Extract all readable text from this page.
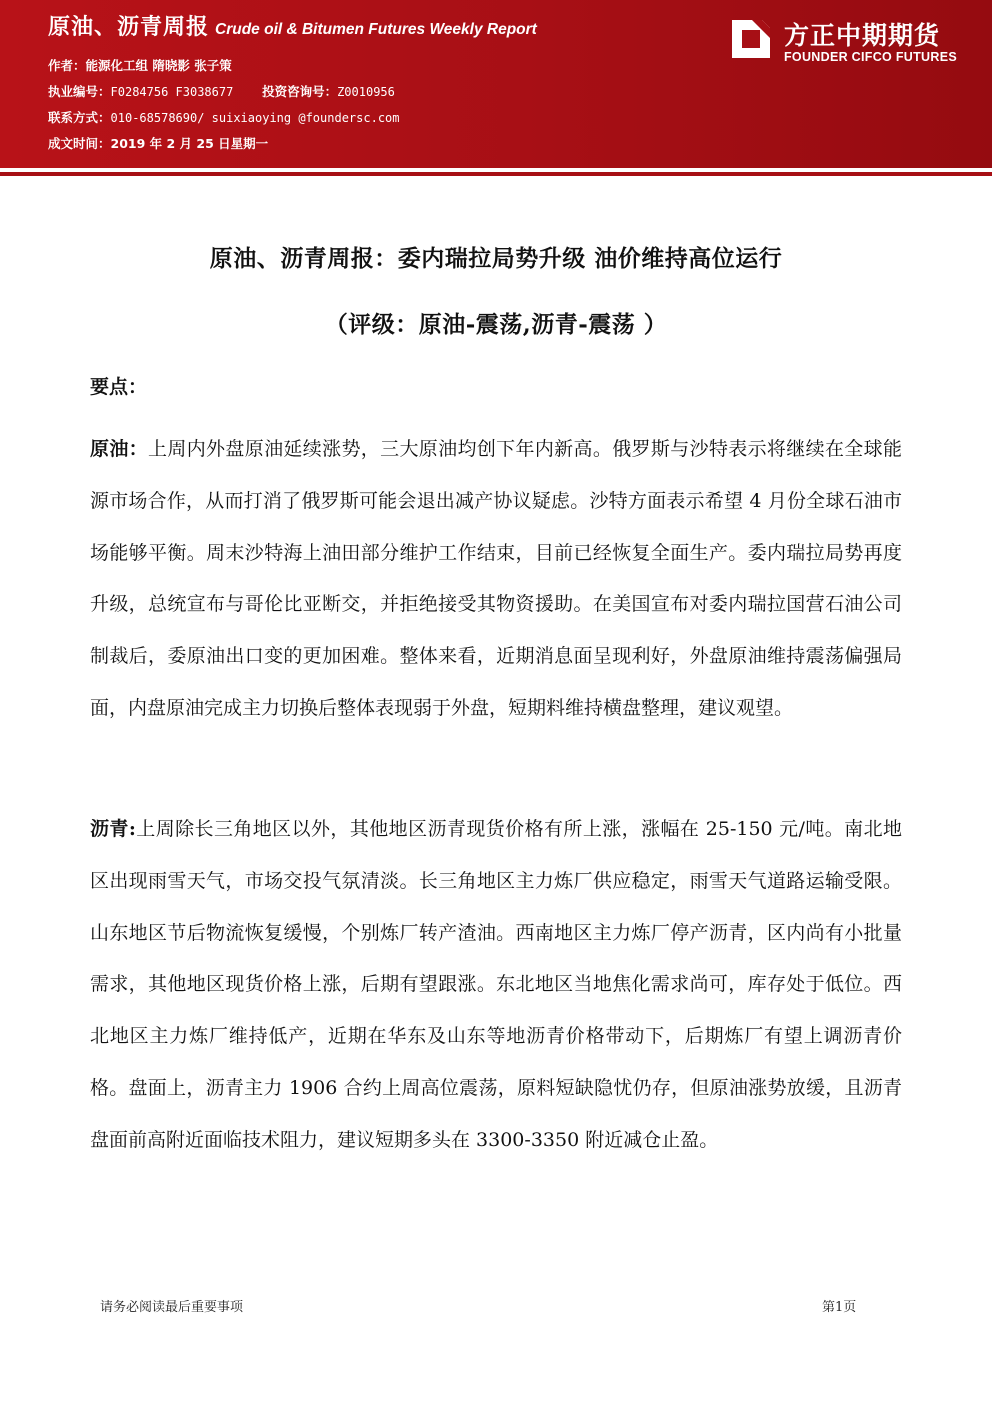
原油、沥青周报 Crude oil & Bitumen Futures Weekly Report
作者：能源化工组 隋晓影 张子策
执业编号：F0284756 F3038677 投资咨询号：Z0010956
联系方式：010-68578690/ suixiaoying @foundersc.com
成文时间：2019 年 2 月 25 日星期一
方正中期期货
FOUNDER CIFCO FUTURES
原油、沥青周报：委内瑞拉局势升级 油价维持高位运行
（评级：原油-震荡,沥青-震荡 ）
要点：
原油：上周内外盘原油延续涨势，三大原油均创下年内新高。俄罗斯与沙特表示将继续在全球能源市场合作，从而打消了俄罗斯可能会退出减产协议疑虑。沙特方面表示希望 4 月份全球石油市场能够平衡。周末沙特海上油田部分维护工作结束，目前已经恢复全面生产。委内瑞拉局势再度升级，总统宣布与哥伦比亚断交，并拒绝接受其物资援助。在美国宣布对委内瑞拉国营石油公司制裁后，委原油出口变的更加困难。整体来看，近期消息面呈现利好，外盘原油维持震荡偏强局面，内盘原油完成主力切换后整体表现弱于外盘，短期料维持横盘整理，建议观望。
沥青:上周除长三角地区以外，其他地区沥青现货价格有所上涨，涨幅在 25-150 元/吨。南北地区出现雨雪天气，市场交投气氛清淡。长三角地区主力炼厂供应稳定，雨雪天气道路运输受限。山东地区节后物流恢复缓慢，个别炼厂转产渣油。西南地区主力炼厂停产沥青，区内尚有小批量需求，其他地区现货价格上涨，后期有望跟涨。东北地区当地焦化需求尚可，库存处于低位。西北地区主力炼厂维持低产，近期在华东及山东等地沥青价格带动下，后期炼厂有望上调沥青价格。盘面上，沥青主力 1906 合约上周高位震荡，原料短缺隐忧仍存，但原油涨势放缓，且沥青盘面前高附近面临技术阻力，建议短期多头在 3300-3350 附近减仓止盈。
请务必阅读最后重要事项	第1页
